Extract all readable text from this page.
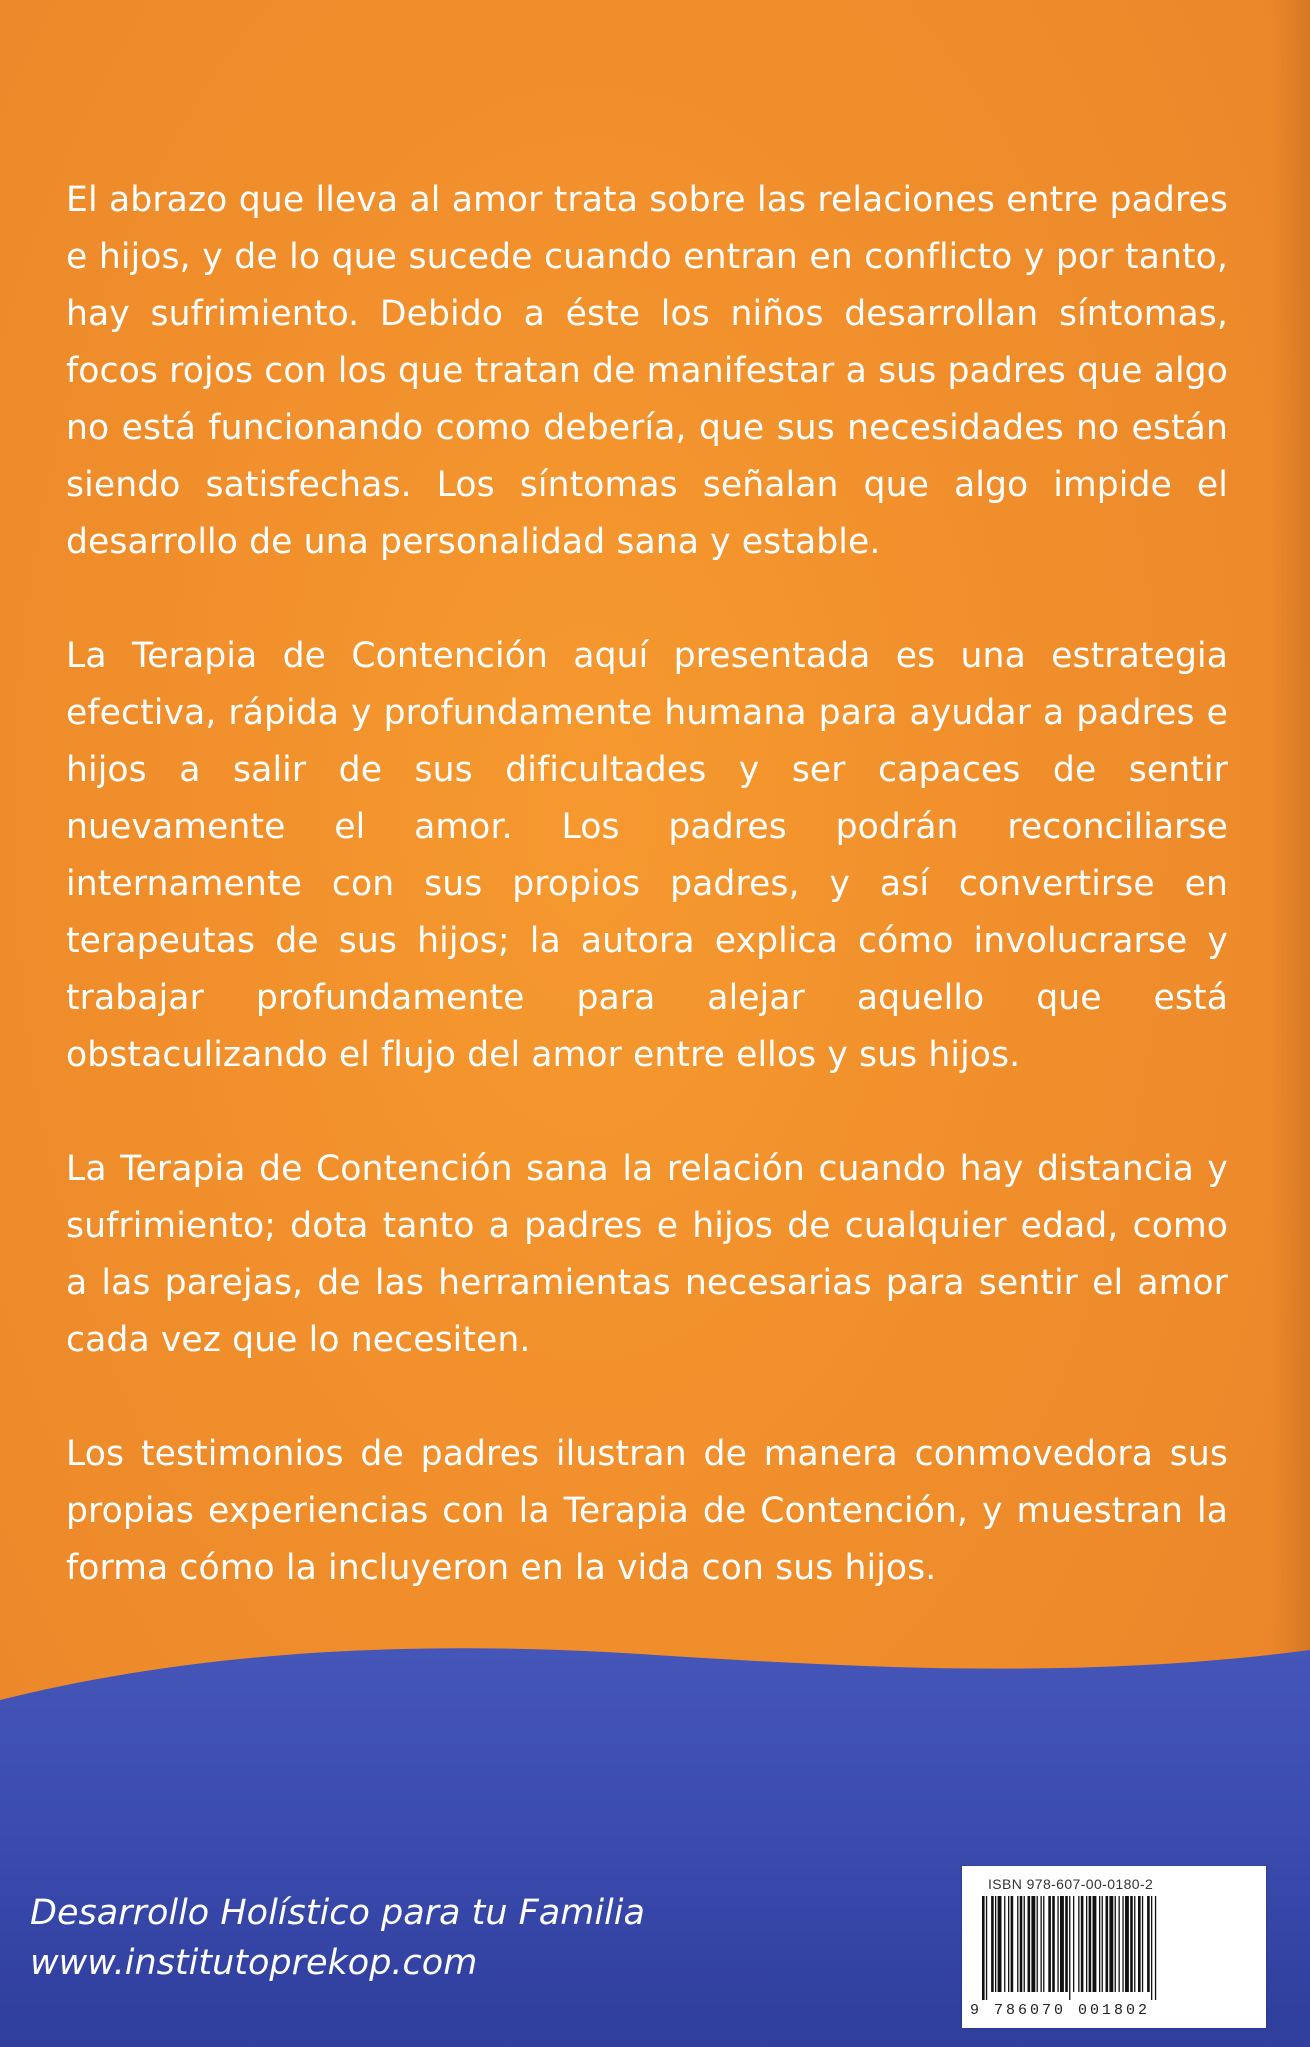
El abrazo que lleva al amor trata sobre las relaciones entre padres e hijos, y de lo que sucede cuando entran en conflicto y por tanto, hay sufrimiento. Debido a éste los niños desarrollan síntomas, focos rojos con los que tratan de manifestar a sus padres que algo no está funcionando como debería, que sus necesidades no están siendo satisfechas. Los síntomas señalan que algo impide el desarrollo de una personalidad sana y estable.

La Terapia de Contención aquí presentada es una estrategia efectiva, rápida y profundamente humana para ayudar a padres e hijos a salir de sus dificultades y ser capaces de sentir nuevamente el amor. Los padres podrán reconciliarse internamente con sus propios padres, y así convertirse en terapeutas de sus hijos; la autora explica cómo involucrarse y trabajar profundamente para alejar aquello que está obstaculizando el flujo del amor entre ellos y sus hijos.

La Terapia de Contención sana la relación cuando hay distancia y sufrimiento; dota tanto a padres e hijos de cualquier edad, como a las parejas, de las herramientas necesarias para sentir el amor cada vez que lo necesiten.

Los testimonios de padres ilustran de manera conmovedora sus propias experiencias con la Terapia de Contención, y muestran la forma cómo la incluyeron en la vida con sus hijos.

Desarrollo Holístico para tu Familia
www.institutoprekop.com
ISBN 978-607-00-0180-2
9 786070 001802
